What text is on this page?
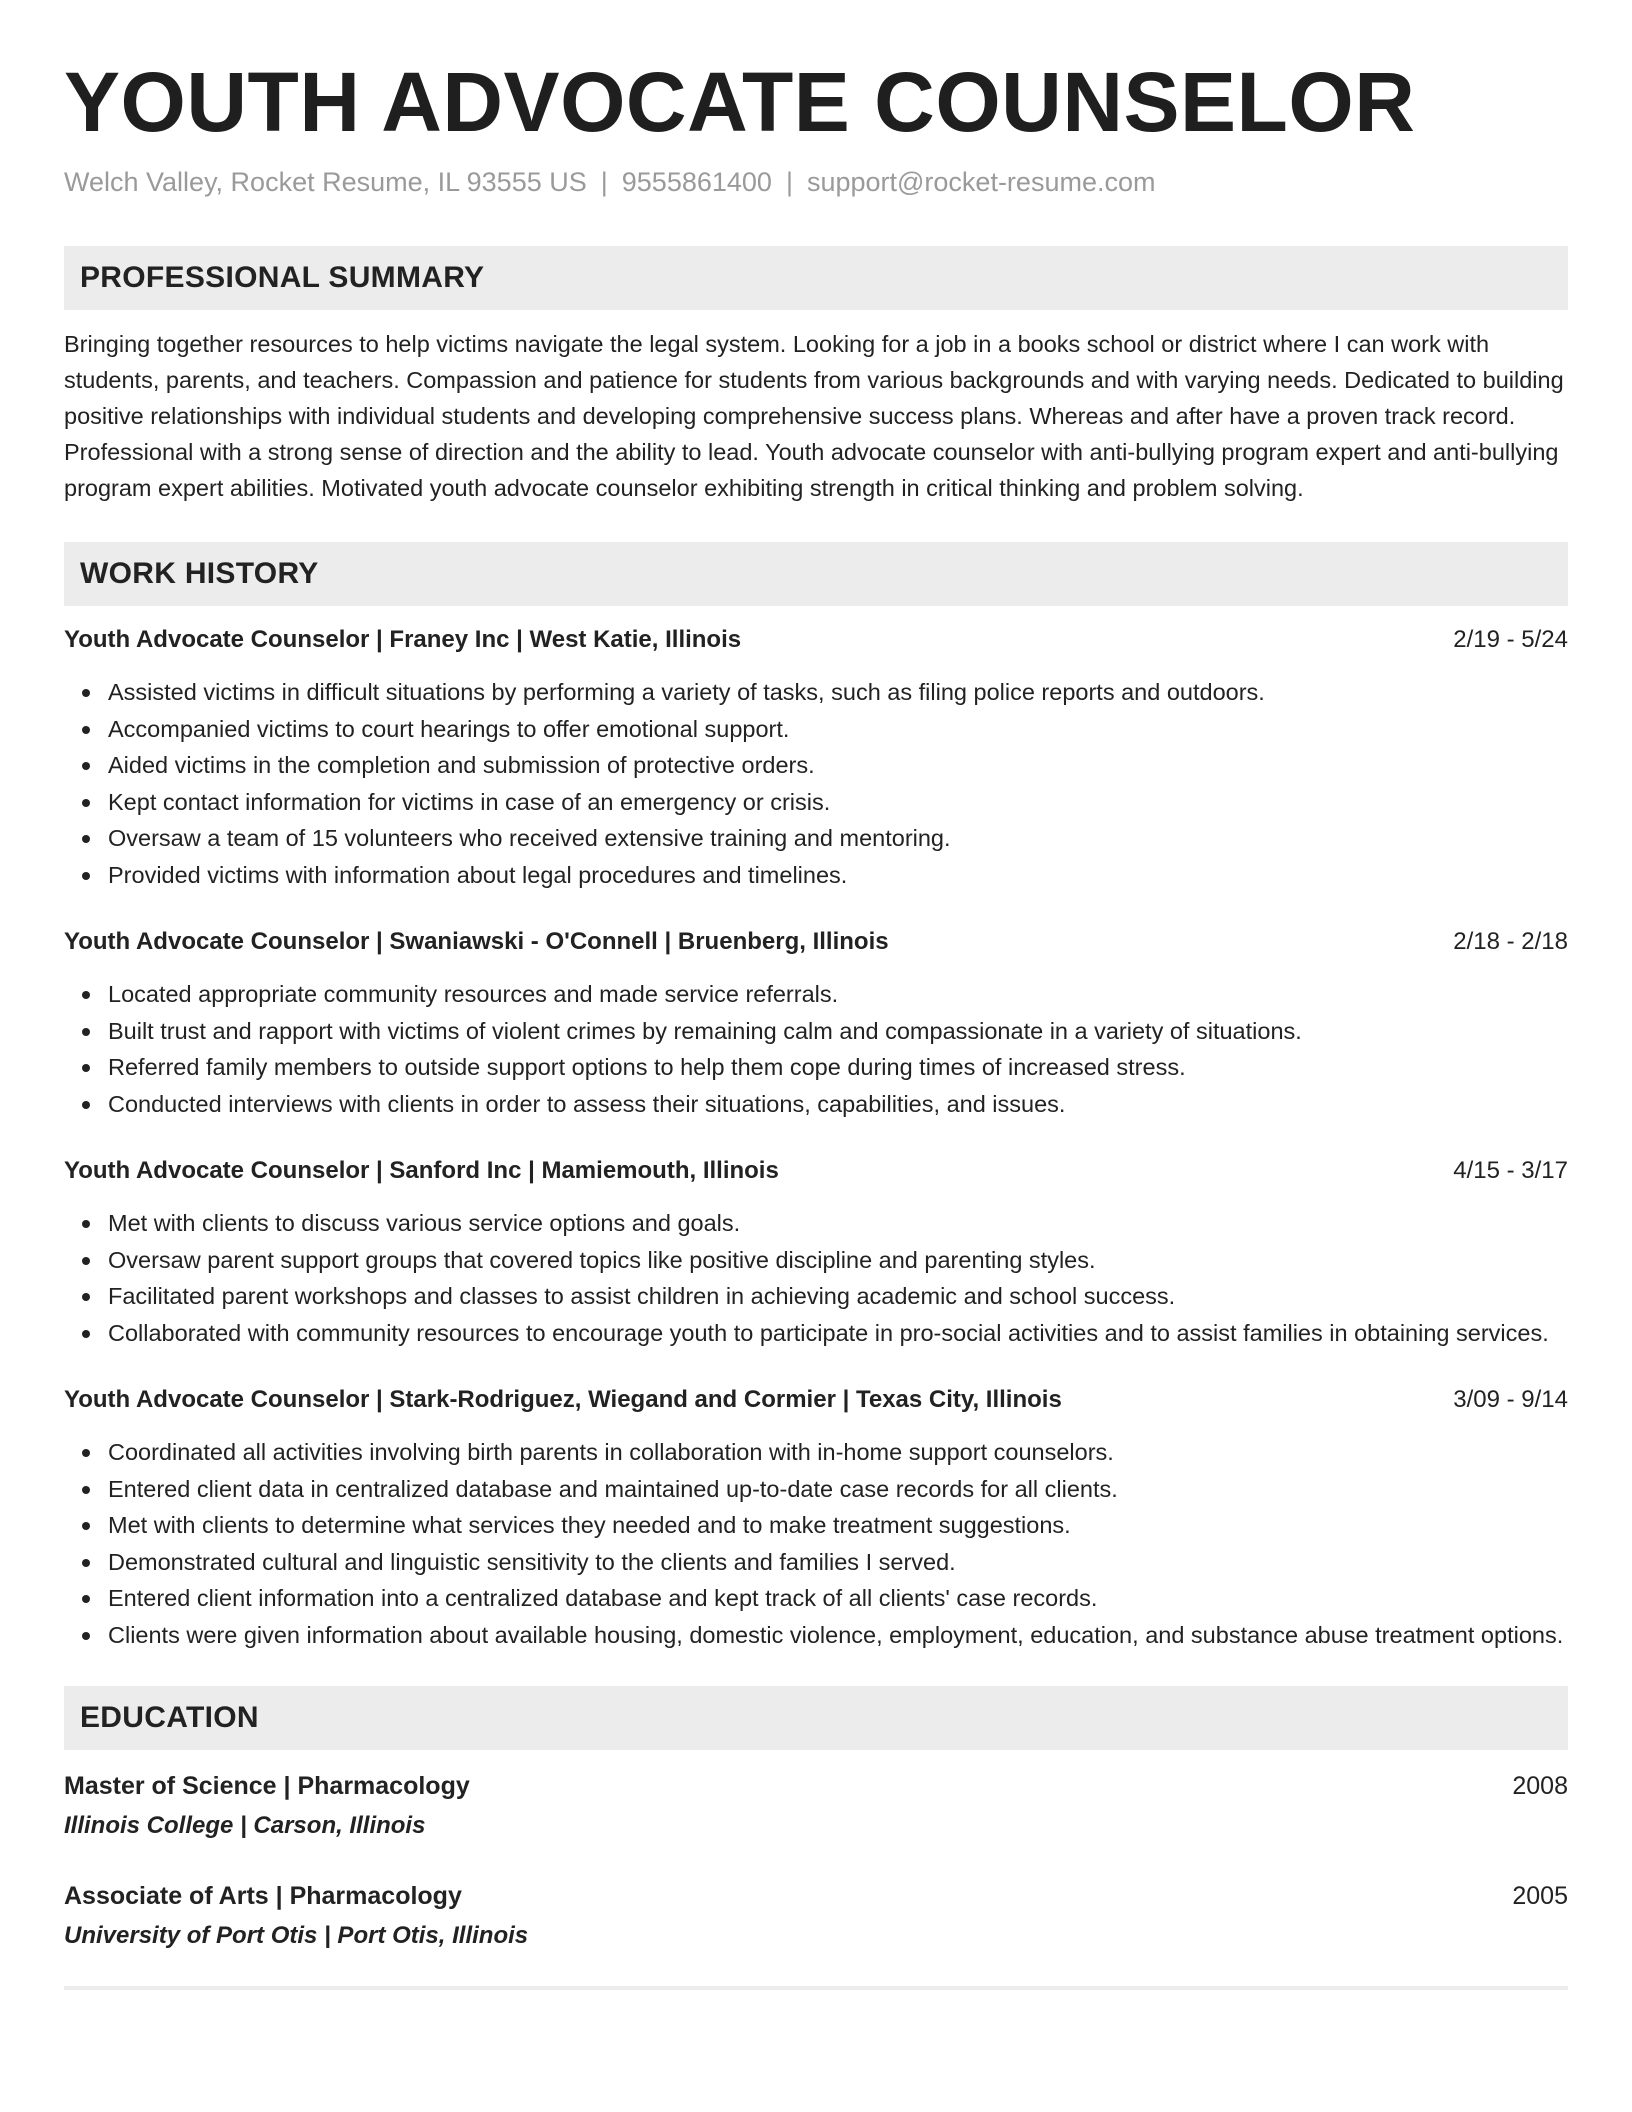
YOUTH ADVOCATE COUNSELOR
Welch Valley, Rocket Resume, IL 93555 US | 9555861400 | support@rocket-resume.com
PROFESSIONAL SUMMARY
Bringing together resources to help victims navigate the legal system. Looking for a job in a books school or district where I can work with students, parents, and teachers. Compassion and patience for students from various backgrounds and with varying needs. Dedicated to building positive relationships with individual students and developing comprehensive success plans. Whereas and after have a proven track record. Professional with a strong sense of direction and the ability to lead. Youth advocate counselor with anti-bullying program expert and anti-bullying program expert abilities. Motivated youth advocate counselor exhibiting strength in critical thinking and problem solving.
WORK HISTORY
Youth Advocate Counselor | Franey Inc | West Katie, Illinois	2/19 - 5/24
Assisted victims in difficult situations by performing a variety of tasks, such as filing police reports and outdoors.
Accompanied victims to court hearings to offer emotional support.
Aided victims in the completion and submission of protective orders.
Kept contact information for victims in case of an emergency or crisis.
Oversaw a team of 15 volunteers who received extensive training and mentoring.
Provided victims with information about legal procedures and timelines.
Youth Advocate Counselor | Swaniawski - O'Connell | Bruenberg, Illinois	2/18 - 2/18
Located appropriate community resources and made service referrals.
Built trust and rapport with victims of violent crimes by remaining calm and compassionate in a variety of situations.
Referred family members to outside support options to help them cope during times of increased stress.
Conducted interviews with clients in order to assess their situations, capabilities, and issues.
Youth Advocate Counselor | Sanford Inc | Mamiemouth, Illinois	4/15 - 3/17
Met with clients to discuss various service options and goals.
Oversaw parent support groups that covered topics like positive discipline and parenting styles.
Facilitated parent workshops and classes to assist children in achieving academic and school success.
Collaborated with community resources to encourage youth to participate in pro-social activities and to assist families in obtaining services.
Youth Advocate Counselor | Stark-Rodriguez, Wiegand and Cormier | Texas City, Illinois	3/09 - 9/14
Coordinated all activities involving birth parents in collaboration with in-home support counselors.
Entered client data in centralized database and maintained up-to-date case records for all clients.
Met with clients to determine what services they needed and to make treatment suggestions.
Demonstrated cultural and linguistic sensitivity to the clients and families I served.
Entered client information into a centralized database and kept track of all clients' case records.
Clients were given information about available housing, domestic violence, employment, education, and substance abuse treatment options.
EDUCATION
Master of Science | Pharmacology	2008
Illinois College | Carson, Illinois
Associate of Arts | Pharmacology	2005
University of Port Otis | Port Otis, Illinois
